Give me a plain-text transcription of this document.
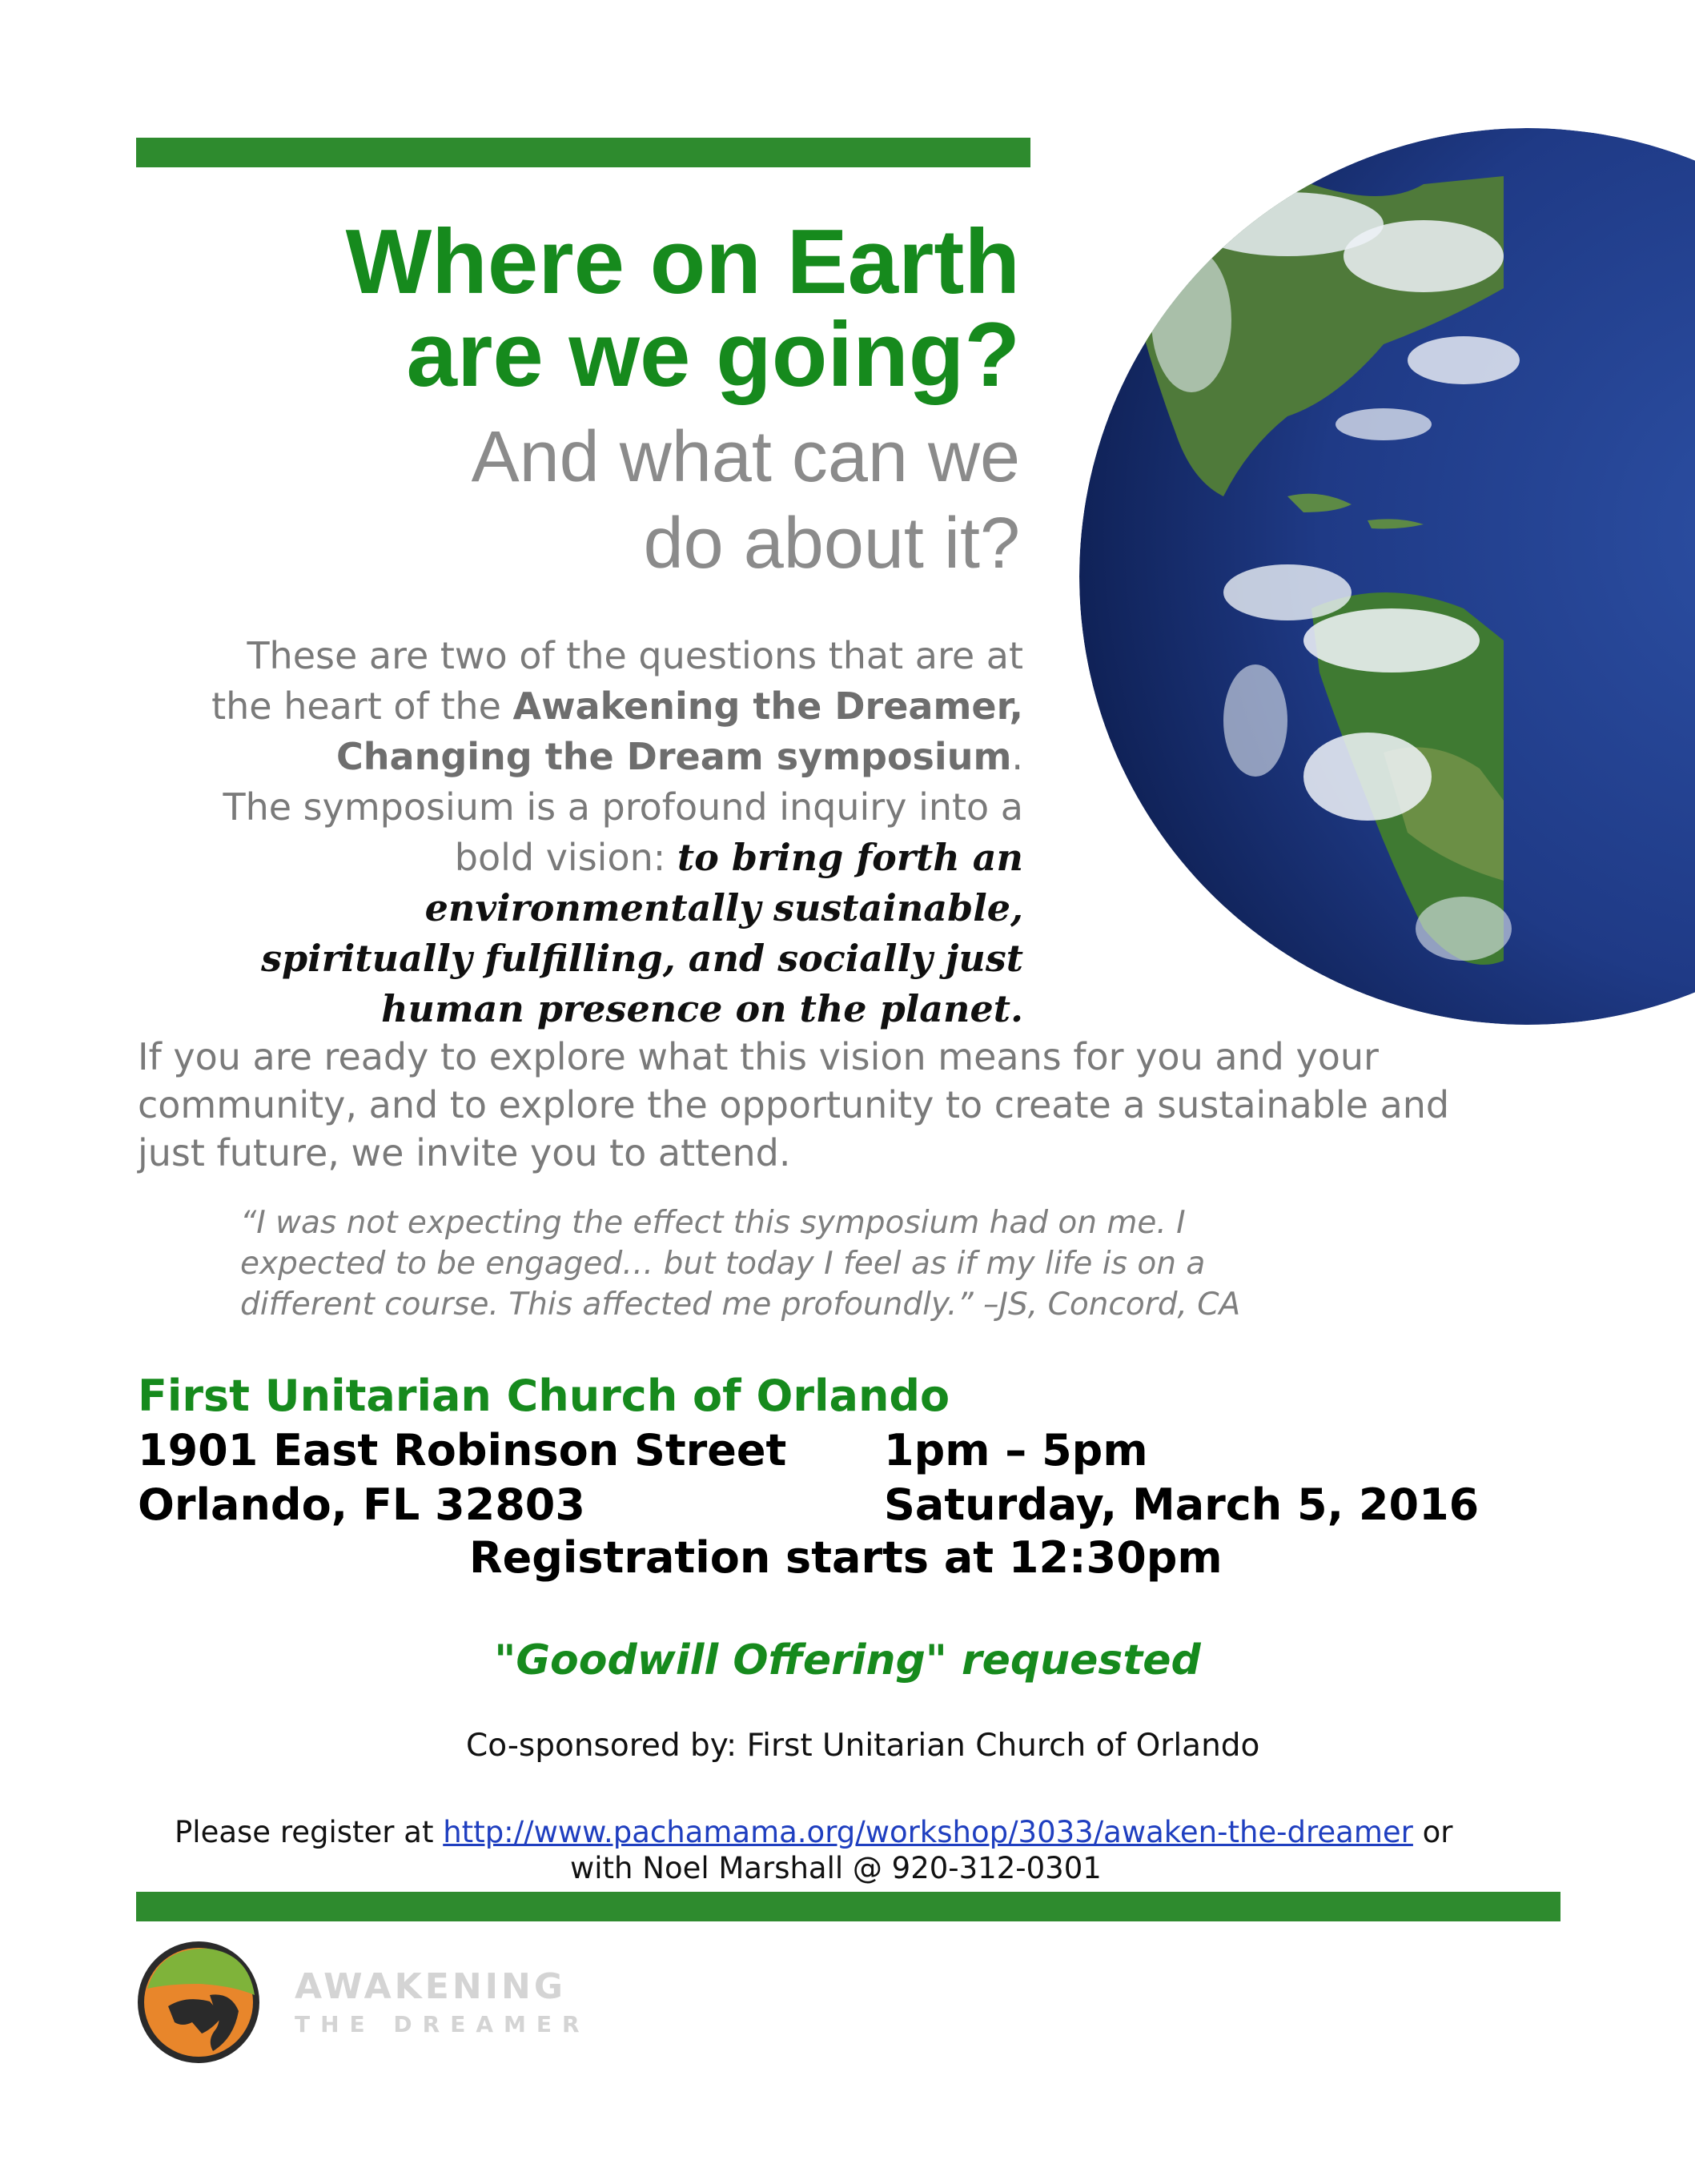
Where on Earth
are we going?
And what can we
do about it?
These are two of the questions that are at
the heart of the Awakening the Dreamer,
Changing the Dream symposium.
The symposium is a profound inquiry into a
bold vision: to bring forth an
environmentally sustainable,
spiritually fulfilling, and socially just
human presence on the planet.
If you are ready to explore what this vision means for you and your
community, and to explore the opportunity to create a sustainable and
just future, we invite you to attend.
“I was not expecting the effect this symposium had on me. I
expected to be engaged… but today I feel as if my life is on a
different course. This affected me profoundly.” –JS, Concord, CA
First Unitarian Church of Orlando
1901 East Robinson Street 1pm – 5pm
Orlando, FL 32803	Saturday, March 5, 2016
Registration starts at 12:30pm
"Goodwill Offering" requested
Co-sponsored by: First Unitarian Church of Orlando
Please register at http://www.pachamama.org/workshop/3033/awaken-the-dreamer or
with Noel Marshall @ 920-312-0301
AWAKENING
THE DREAMER
